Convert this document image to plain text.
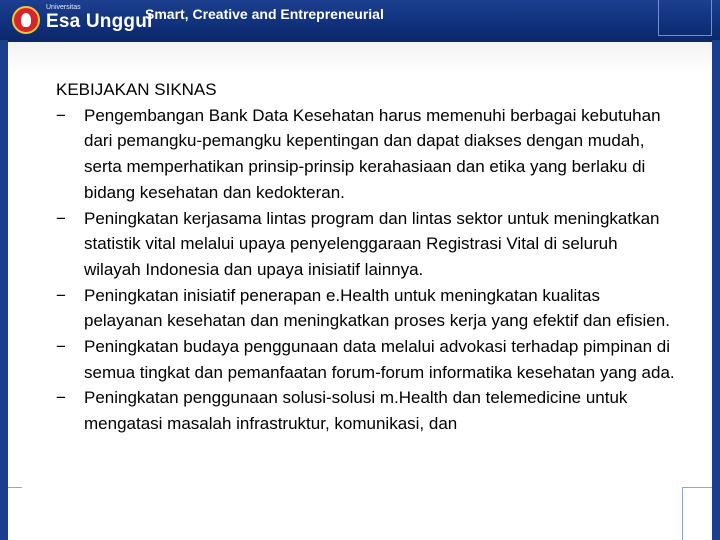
Universitas
Esa Unggul
Smart, Creative and Entrepreneurial
KEBIJAKAN SIKNAS
− Pengembangan Bank Data Kesehatan harus memenuhi berbagai kebutuhan dari pemangku-pemangku kepentingan dan dapat diakses dengan mudah, serta memperhatikan prinsip-prinsip kerahasiaan dan etika yang berlaku di bidang kesehatan dan kedokteran.
− Peningkatan kerjasama lintas program dan lintas sektor untuk meningkatkan statistik vital melalui upaya penyelenggaraan Registrasi Vital di seluruh wilayah Indonesia dan upaya inisiatif lainnya.
− Peningkatan inisiatif penerapan e.Health untuk meningkatan kualitas pelayanan kesehatan dan meningkatkan proses kerja yang efektif dan efisien.
− Peningkatan budaya penggunaan data melalui advokasi terhadap pimpinan di semua tingkat dan pemanfaatan forum-forum informatika kesehatan yang ada.
− Peningkatan penggunaan solusi-solusi m.Health dan telemedicine untuk mengatasi masalah infrastruktur, komunikasi, dan
